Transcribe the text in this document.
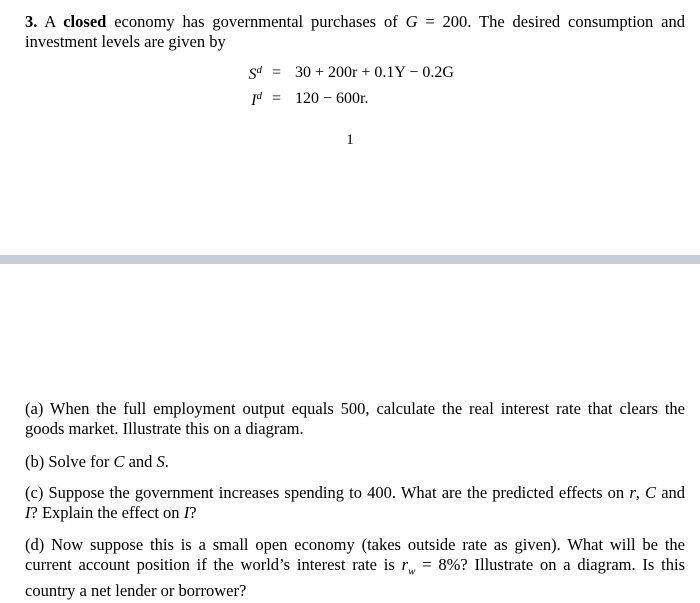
3. A closed economy has governmental purchases of G = 200. The desired consumption and investment levels are given by
$S^d = 30 + 200r + 0.1Y - 0.2G$
$I^d = 120 - 600r$.
1
(a) When the full employment output equals 500, calculate the real interest rate that clears the goods market. Illustrate this on a diagram.
(b) Solve for C and S.
(c) Suppose the government increases spending to 400. What are the predicted effects on r, C and I? Explain the effect on I?
(d) Now suppose this is a small open economy (takes outside rate as given). What will be the current account position if the world’s interest rate is $r_w = 8\%$? Illustrate on a diagram. Is this country a net lender or borrower?
